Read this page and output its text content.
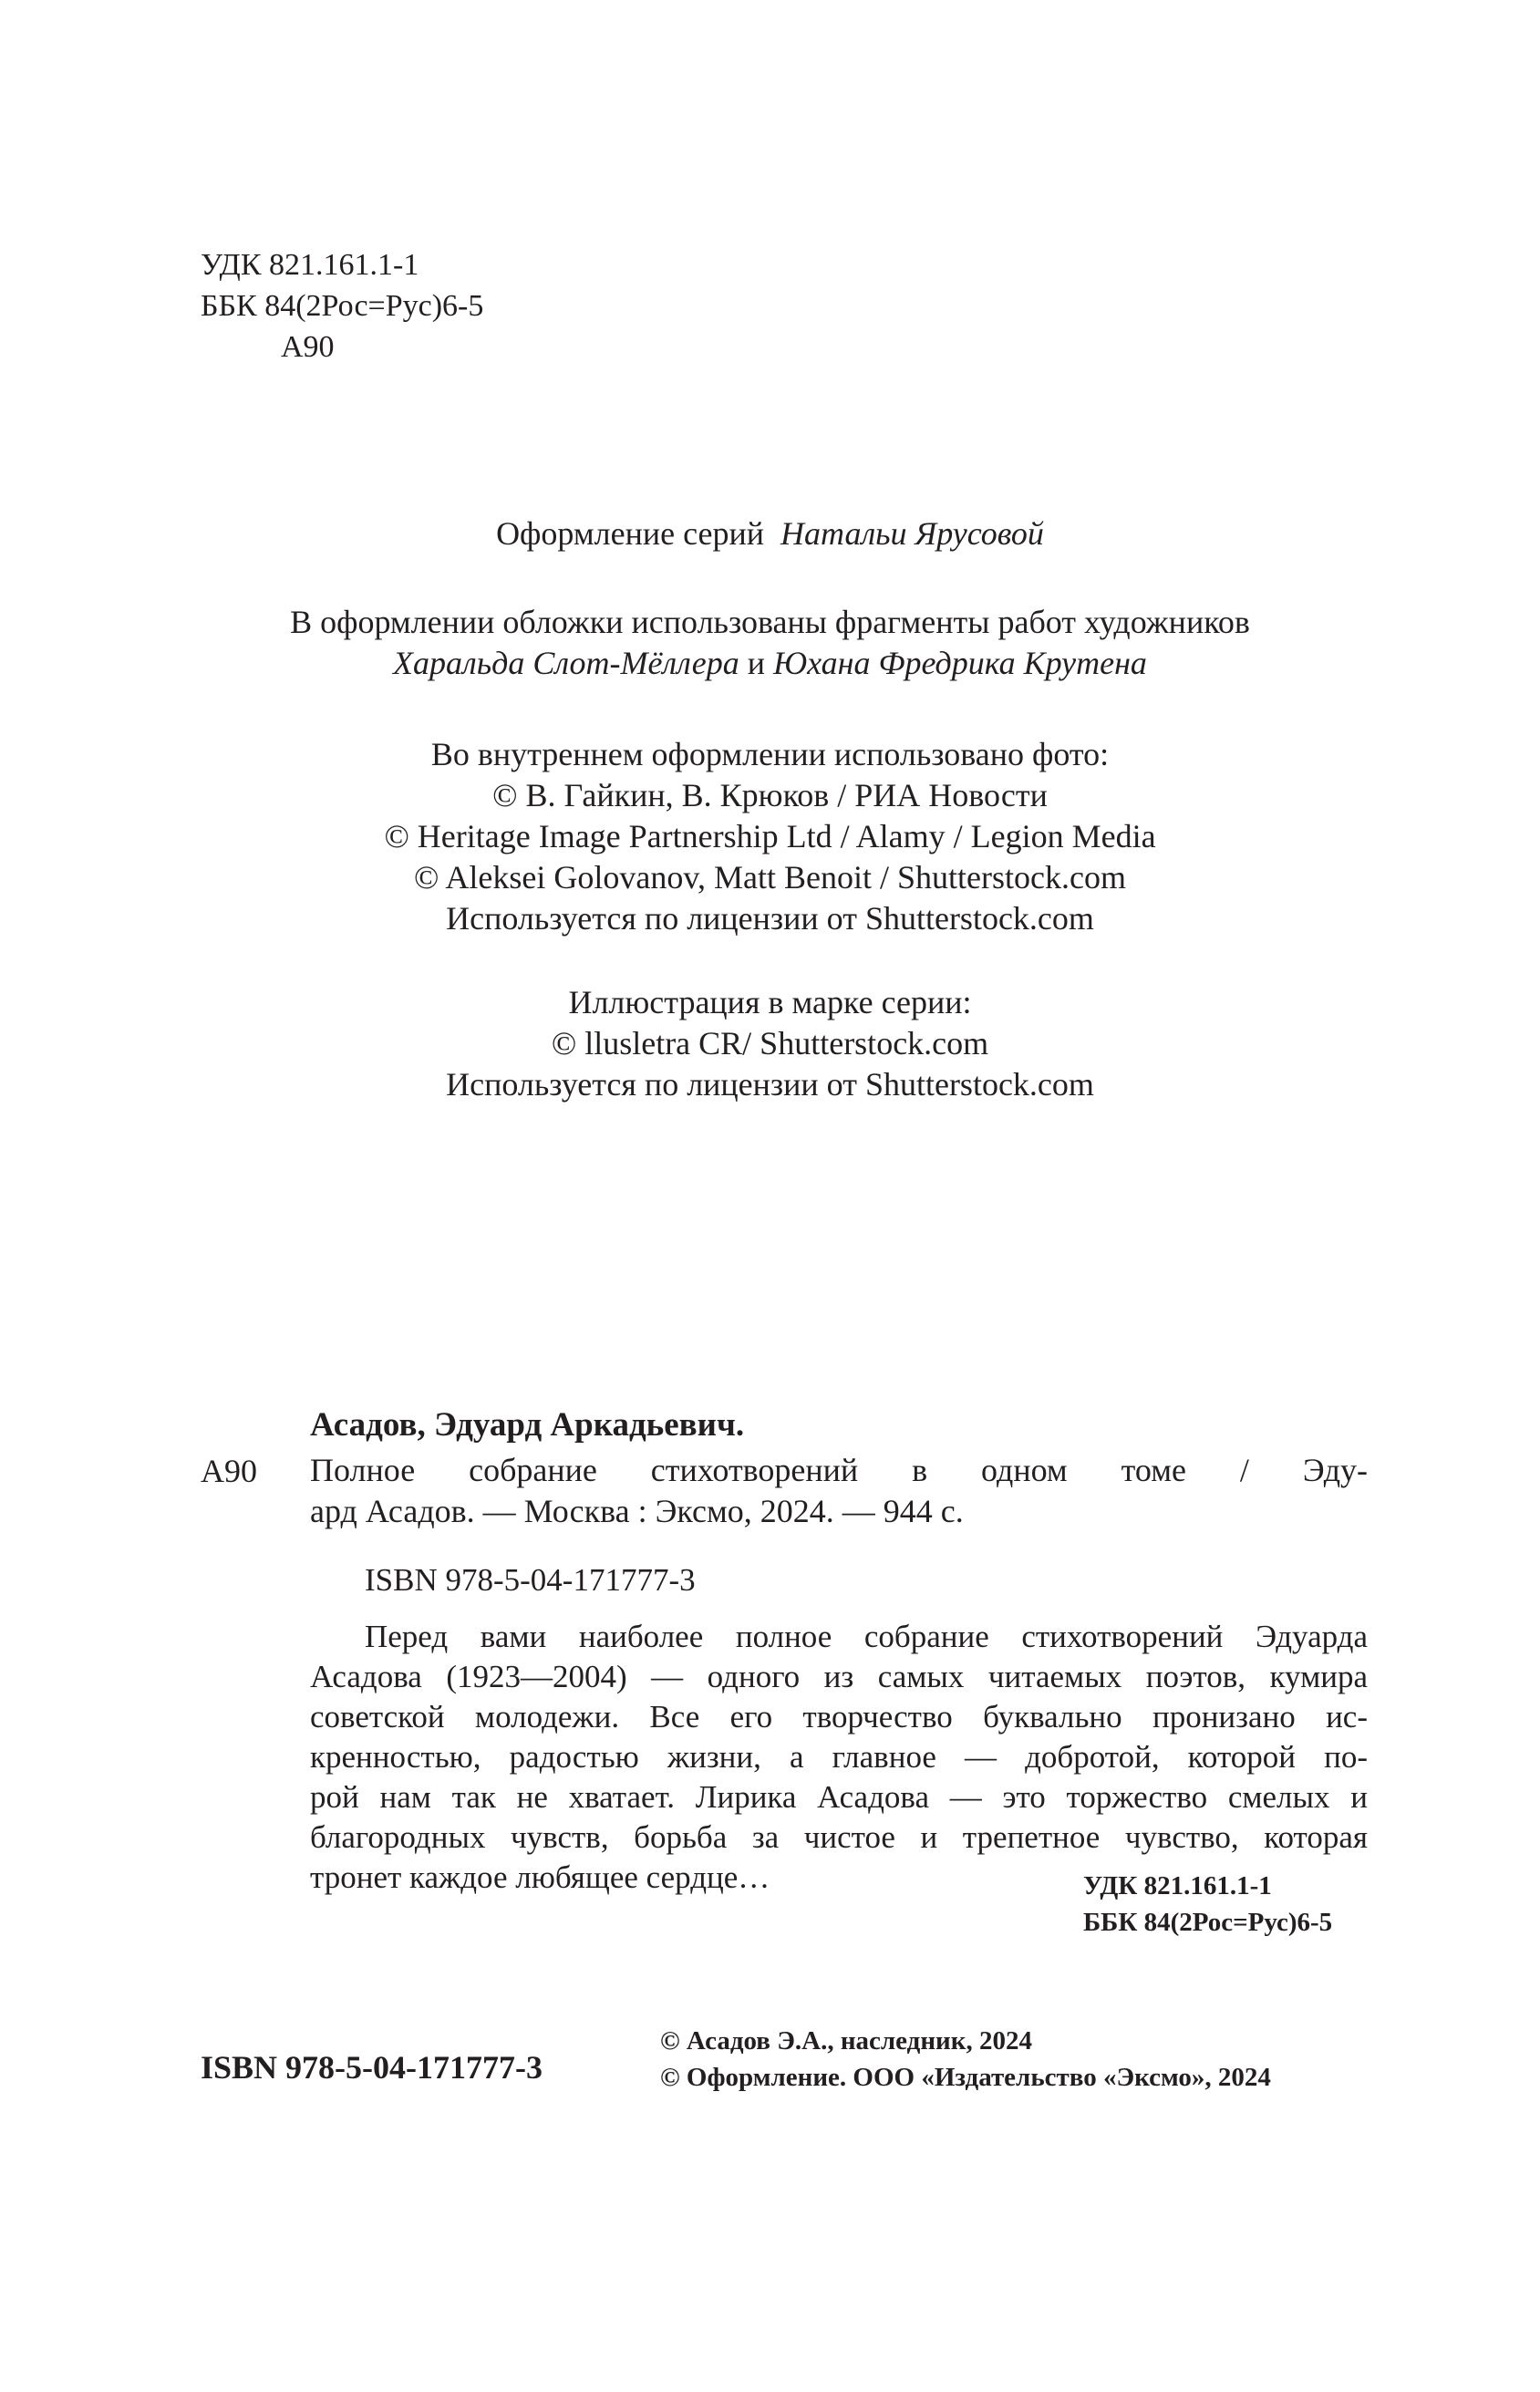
УДК 821.161.1-1
ББК 84(2Рос=Рус)6-5
А90
Оформление серий Натальи Ярусовой
В оформлении обложки использованы фрагменты работ художников
Харальда Слот-Мёллера и Юхана Фредрика Крутена
Во внутреннем оформлении использовано фото:
© В. Гайкин, В. Крюков / РИА Новости
© Heritage Image Partnership Ltd / Alamy / Legion Media
© Aleksei Golovanov, Matt Benoit / Shutterstock.com
Используется по лицензии от Shutterstock.com
Иллюстрация в марке серии:
© llusletra CR/ Shutterstock.com
Используется по лицензии от Shutterstock.com
Асадов, Эдуард Аркадьевич.
А90 Полное собрание стихотворений в одном томе / Эду-
ард Асадов. — Москва : Эксмо, 2024. — 944 с.
ISBN 978-5-04-171777-3
Перед вами наиболее полное собрание стихотворений Эдуарда
Асадова (1923—2004) — одного из самых читаемых поэтов, кумира
советской молодежи. Все его творчество буквально пронизано ис-
кренностью, радостью жизни, а главное — добротой, которой по-
рой нам так не хватает. Лирика Асадова — это торжество смелых и
благородных чувств, борьба за чистое и трепетное чувство, которая
тронет каждое любящее сердце…	УДК 821.161.1-1
ББК 84(2Рос=Рус)6-5
ISBN 978-5-04-171777-3
© Асадов Э.А., наследник, 2024
© Оформление. ООО «Издательство «Эксмо», 2024
